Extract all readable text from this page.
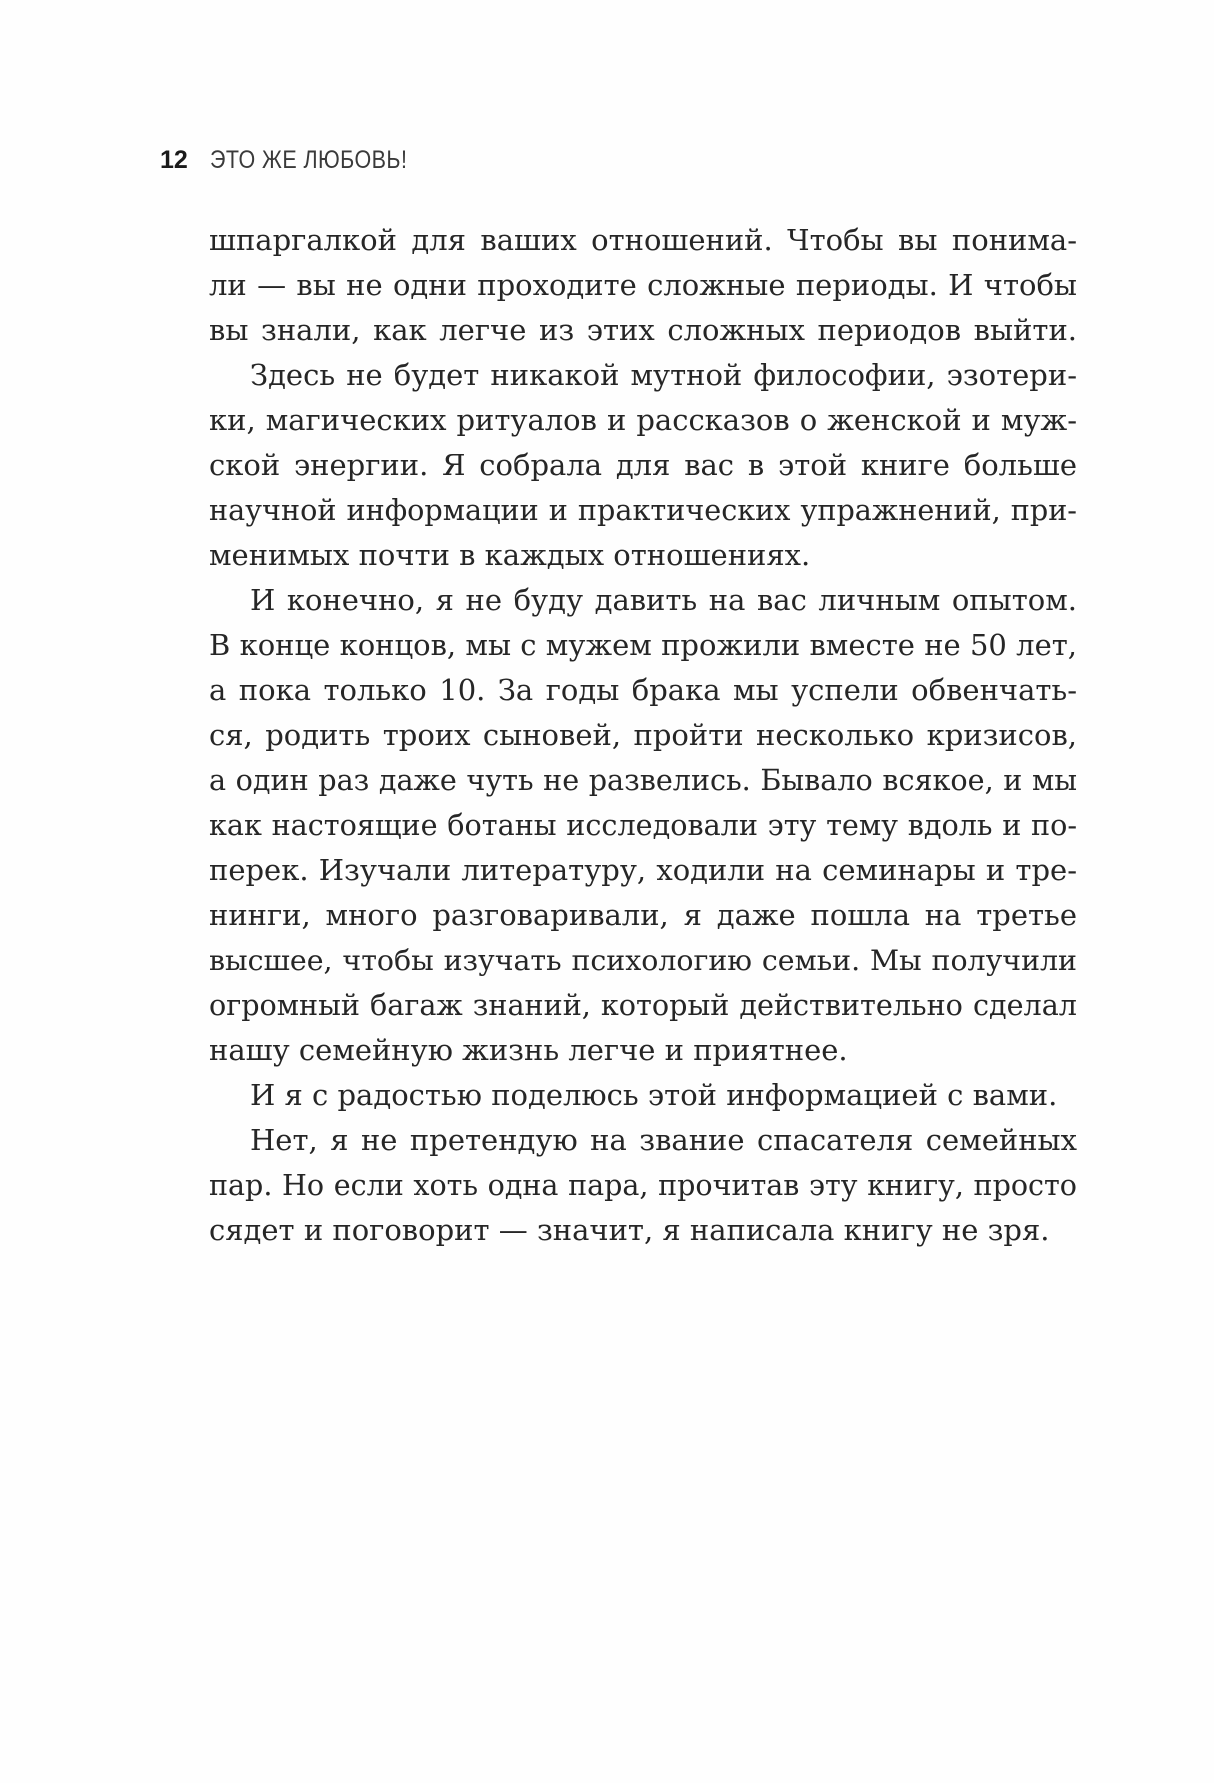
12 ЭТО ЖЕ ЛЮБОВЬ!
шпаргалкой для ваших отношений. Чтобы вы понима-
ли — вы не одни проходите сложные периоды. И чтобы
вы знали, как легче из этих сложных периодов выйти.
Здесь не будет никакой мутной философии, эзотери-
ки, магических ритуалов и рассказов о женской и муж-
ской энергии. Я собрала для вас в этой книге больше
научной информации и практических упражнений, при-
менимых почти в каждых отношениях.
И конечно, я не буду давить на вас личным опытом.
В конце концов, мы с мужем прожили вместе не 50 лет,
а пока только 10. За годы брака мы успели обвенчать-
ся, родить троих сыновей, пройти несколько кризисов,
а один раз даже чуть не развелись. Бывало всякое, и мы
как настоящие ботаны исследовали эту тему вдоль и по-
перек. Изучали литературу, ходили на семинары и тре-
нинги, много разговаривали, я даже пошла на третье
высшее, чтобы изучать психологию семьи. Мы получили
огромный багаж знаний, который действительно сделал
нашу семейную жизнь легче и приятнее.
И я с радостью поделюсь этой информацией с вами.
Нет, я не претендую на звание спасателя семейных
пар. Но если хоть одна пара, прочитав эту книгу, просто
сядет и поговорит — значит, я написала книгу не зря.
